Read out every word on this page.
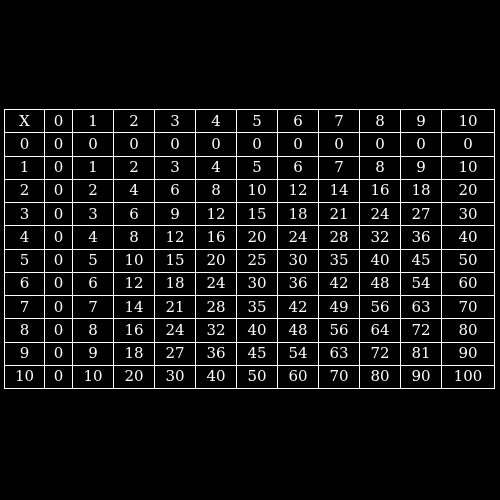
X	0	1	2	3	4	5	6	7	8	9	10
0	0	0	0	0	0	0	0	0	0	0	0
1	0	1	2	3	4	5	6	7	8	9	10
2	0	2	4	6	8	10	12	14	16	18	20
3	0	3	6	9	12	15	18	21	24	27	30
4	0	4	8	12	16	20	24	28	32	36	40
5	0	5	10	15	20	25	30	35	40	45	50
6	0	6	12	18	24	30	36	42	48	54	60
7	0	7	14	21	28	35	42	49	56	63	70
8	0	8	16	24	32	40	48	56	64	72	80
9	0	9	18	27	36	45	54	63	72	81	90
10	0	10	20	30	40	50	60	70	80	90	100
